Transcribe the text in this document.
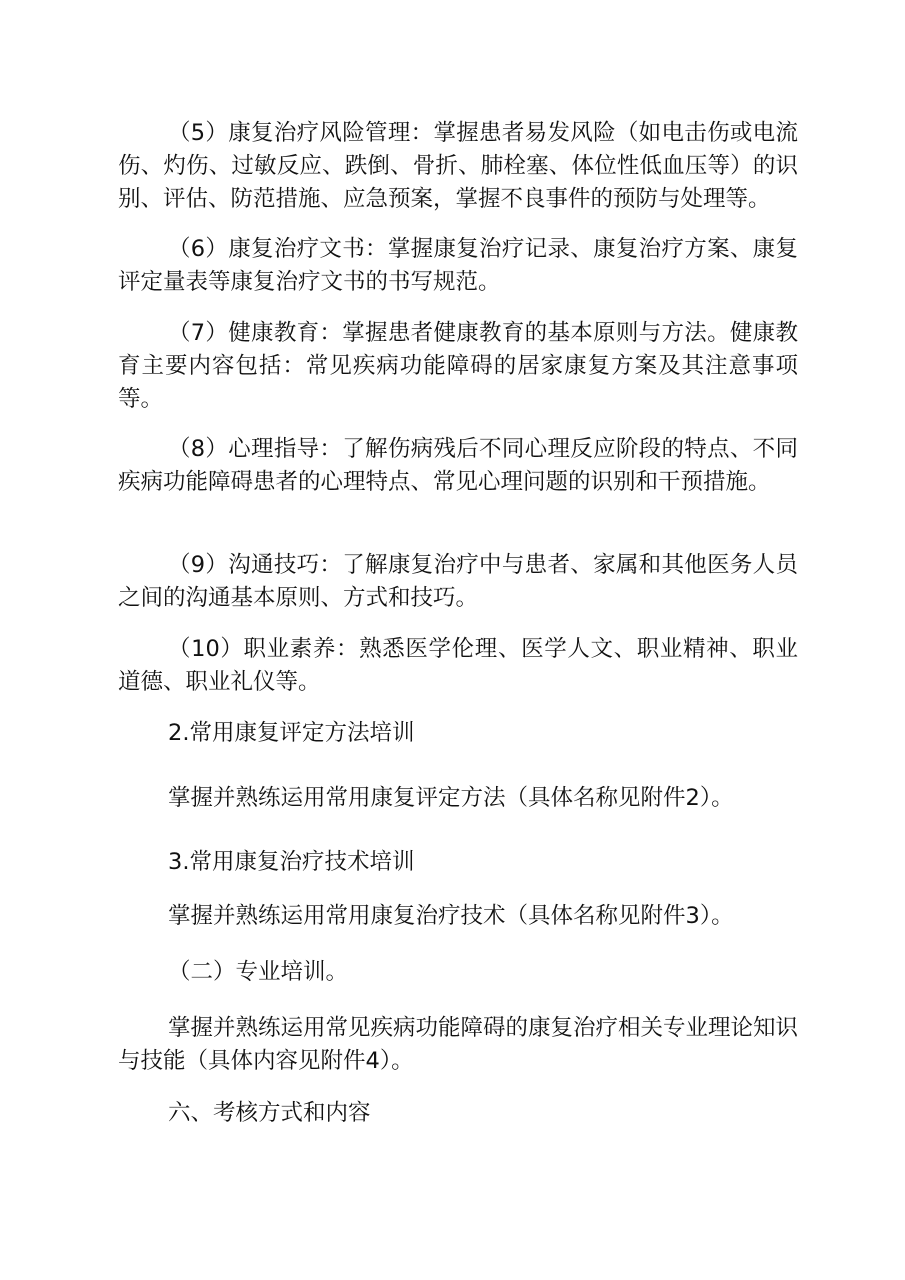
（5）康复治疗风险管理：掌握患者易发风险（如电击伤或电流伤、灼伤、过敏反应、跌倒、骨折、肺栓塞、体位性低血压等）的识别、评估、防范措施、应急预案，掌握不良事件的预防与处理等。

（6）康复治疗文书：掌握康复治疗记录、康复治疗方案、康复评定量表等康复治疗文书的书写规范。

（7）健康教育：掌握患者健康教育的基本原则与方法。健康教育主要内容包括：常见疾病功能障碍的居家康复方案及其注意事项等。

（8）心理指导：了解伤病残后不同心理反应阶段的特点、不同疾病功能障碍患者的心理特点、常见心理问题的识别和干预措施。

（9）沟通技巧：了解康复治疗中与患者、家属和其他医务人员之间的沟通基本原则、方式和技巧。

（10）职业素养：熟悉医学伦理、医学人文、职业精神、职业道德、职业礼仪等。

2.常用康复评定方法培训

掌握并熟练运用常用康复评定方法（具体名称见附件2）。

3.常用康复治疗技术培训

掌握并熟练运用常用康复治疗技术（具体名称见附件3）。

（二）专业培训。

掌握并熟练运用常见疾病功能障碍的康复治疗相关专业理论知识与技能（具体内容见附件4）。

六、考核方式和内容
